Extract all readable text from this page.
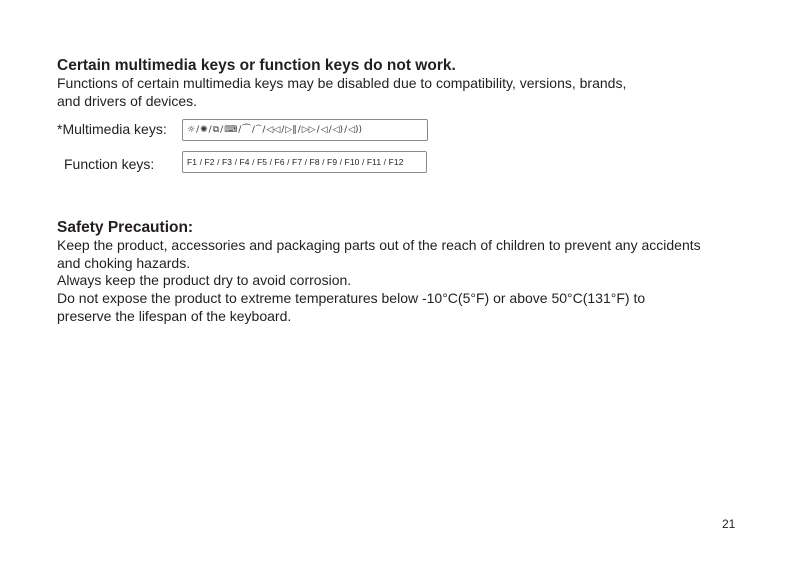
Certain multimedia keys or function keys do not work.

Functions of certain multimedia keys may be disabled due to compatibility, versions, brands,

and drivers of devices.

*Multimedia keys: ☼ / ✺ / ⧉ / ⌨ / ⏜ / ⏞ / ◁◁ / ▷‖ / ▷▷ / ◁ / ◁) / ◁))
Function keys:	F1 / F2 / F3 / F4 / F5 / F6 / F7 / F8 / F9 / F10 / F11 / F12
Safety Precaution:

Keep the product, accessories and packaging parts out of the reach of children to prevent any accidents

and choking hazards.

Always keep the product dry to avoid corrosion.

Do not expose the product to extreme temperatures below -10°C(5°F) or above 50°C(131°F) to

preserve the lifespan of the keyboard.

21
